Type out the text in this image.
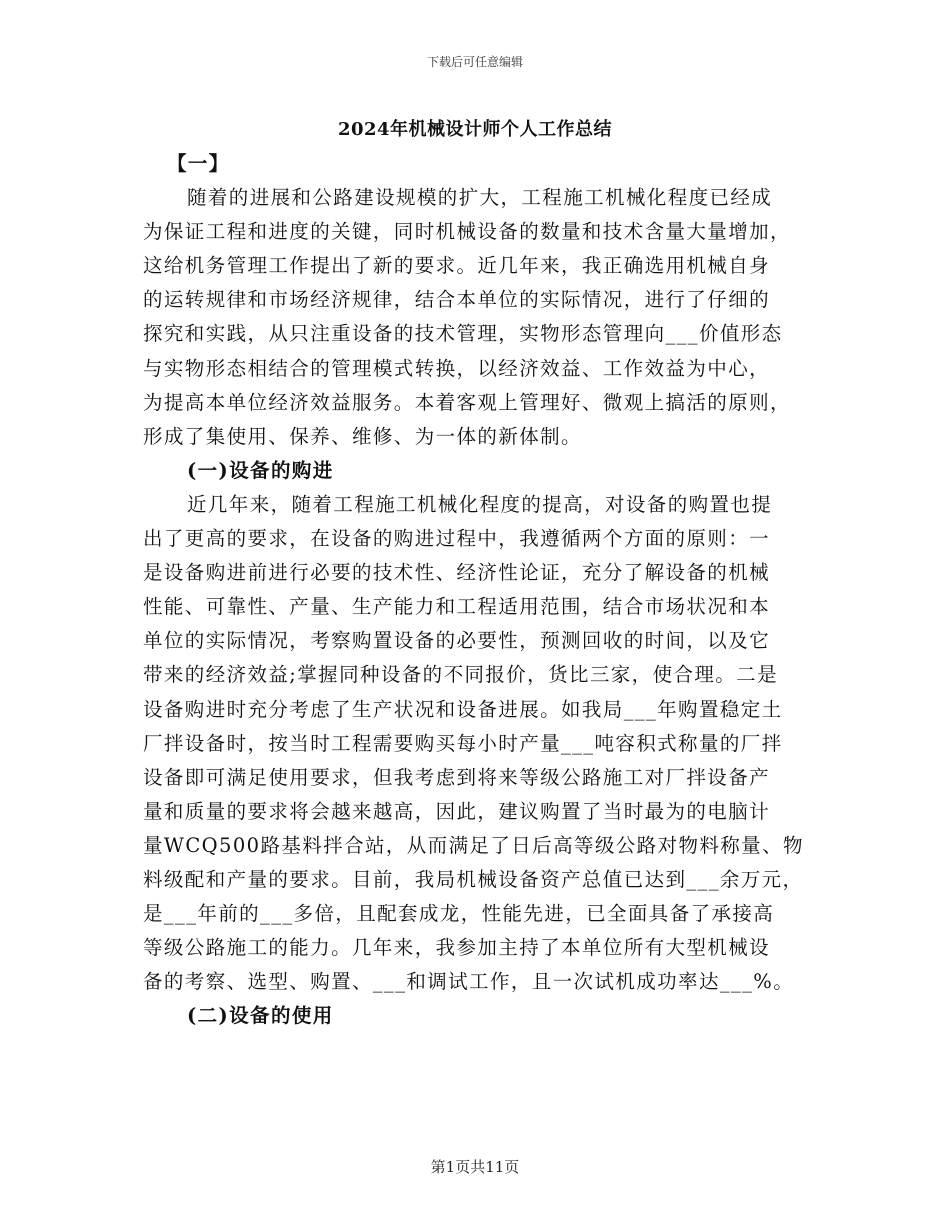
下载后可任意编辑
2024年机械设计师个人工作总结
【一】
随着的进展和公路建设规模的扩大，工程施工机械化程度已经成
为保证工程和进度的关键，同时机械设备的数量和技术含量大量增加，
这给机务管理工作提出了新的要求。近几年来，我正确选用机械自身
的运转规律和市场经济规律，结合本单位的实际情况，进行了仔细的
探究和实践，从只注重设备的技术管理，实物形态管理向___价值形态
与实物形态相结合的管理模式转换，以经济效益、工作效益为中心，
为提高本单位经济效益服务。本着客观上管理好、微观上搞活的原则，
形成了集使用、保养、维修、为一体的新体制。
(一)设备的购进
近几年来，随着工程施工机械化程度的提高，对设备的购置也提
出了更高的要求，在设备的购进过程中，我遵循两个方面的原则：一
是设备购进前进行必要的技术性、经济性论证，充分了解设备的机械
性能、可靠性、产量、生产能力和工程适用范围，结合市场状况和本
单位的实际情况，考察购置设备的必要性，预测回收的时间，以及它
带来的经济效益;掌握同种设备的不同报价，货比三家，使合理。二是
设备购进时充分考虑了生产状况和设备进展。如我局___年购置稳定土
厂拌设备时，按当时工程需要购买每小时产量___吨容积式称量的厂拌
设备即可满足使用要求，但我考虑到将来等级公路施工对厂拌设备产
量和质量的要求将会越来越高，因此，建议购置了当时最为的电脑计
量WCQ500路基料拌合站，从而满足了日后高等级公路对物料称量、物
料级配和产量的要求。目前，我局机械设备资产总值已达到___余万元，
是___年前的___多倍，且配套成龙，性能先进，已全面具备了承接高
等级公路施工的能力。几年来，我参加主持了本单位所有大型机械设
备的考察、选型、购置、___和调试工作，且一次试机成功率达___%。
(二)设备的使用
第1页共11页
